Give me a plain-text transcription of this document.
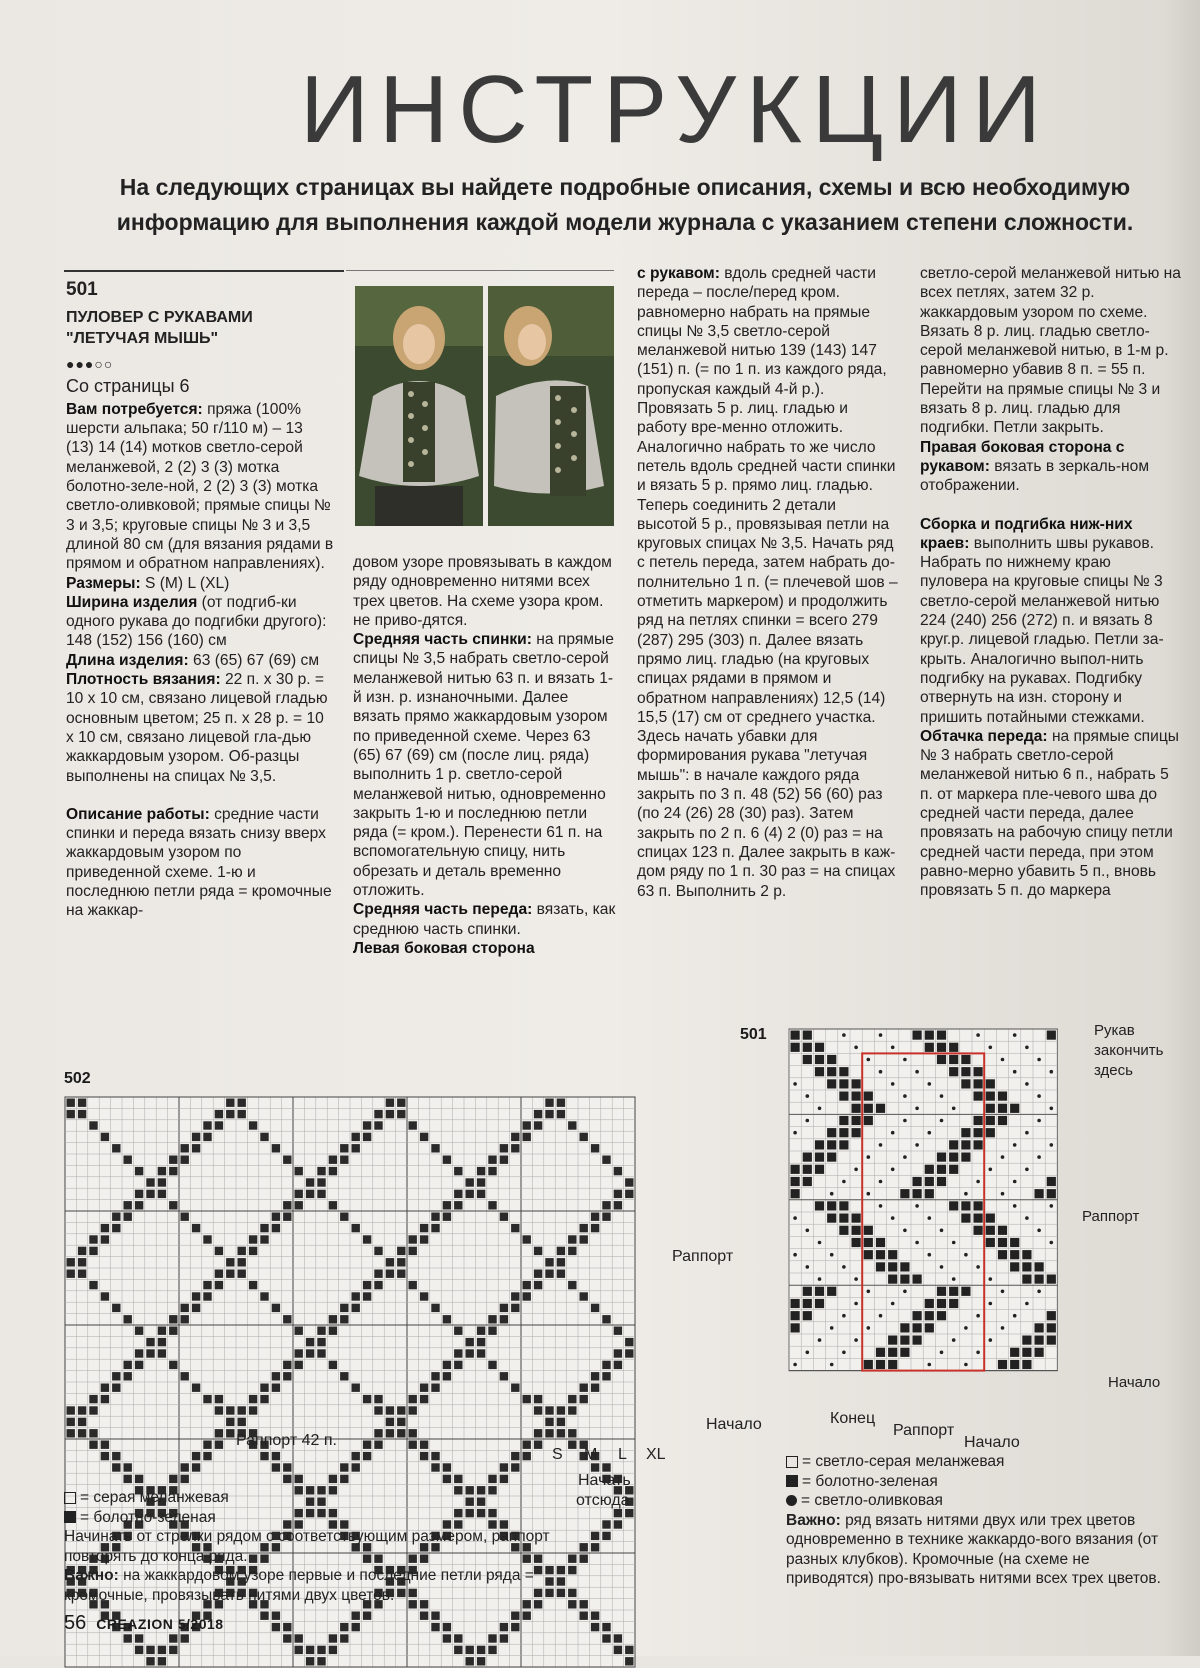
ИНСТРУКЦИИ
На следующих страницах вы найдете подробные описания, схемы и всю необходимую информацию для выполнения каждой модели журнала с указанием степени сложности.
501
ПУЛОВЕР С РУКАВАМИ
"ЛЕТУЧАЯ МЫШЬ"
●●●○○
Со страницы 6

Вам потребуется: пряжа (100% шерсти альпака; 50 г/110 м) – 13 (13) 14 (14) мотков светло-серой меланжевой, 2 (2) 3 (3) мотка болотно-зеле-ной, 2 (2) 3 (3) мотка светло-оливковой; прямые спицы № 3 и 3,5; круговые спицы № 3 и 3,5 длиной 80 см (для вязания рядами в прямом и обратном направлениях).

Размеры: S (M) L (XL)

Ширина изделия (от подгиб-ки одного рукава до подгибки другого): 148 (152) 156 (160) см

Длина изделия: 63 (65) 67 (69) см

Плотность вязания: 22 п. х 30 р. = 10 х 10 см, связано лицевой гладью основным цветом; 25 п. х 28 р. = 10 х 10 см, связано лицевой гла-дью жаккардовым узором. Об-разцы выполнены на спицах № 3,5.

Описание работы: средние части спинки и переда вязать снизу вверх жаккардовым узором по приведенной схеме. 1-ю и последнюю петли ряда = кромочные на жаккар-

довом узоре провязывать в каждом ряду одновременно нитями всех трех цветов. На схеме узора кром. не приво-дятся.

Средняя часть спинки: на прямые спицы № 3,5 набрать светло-серой меланжевой нитью 63 п. и вязать 1-й изн. р. изнаночными. Далее вязать прямо жаккардовым узором по приведенной схеме. Через 63 (65) 67 (69) см (после лиц. ряда) выполнить 1 р. светло-серой меланжевой нитью, одновременно закрыть 1-ю и последнюю петли ряда (= кром.). Перенести 61 п. на вспомогательную спицу, нить обрезать и деталь временно отложить.

Средняя часть переда: вязать, как среднюю часть спинки.

Левая боковая сторона

с рукавом: вдоль средней части переда – после/перед кром. равномерно набрать на прямые спицы № 3,5 светло-серой меланжевой нитью 139 (143) 147 (151) п. (= по 1 п. из каждого ряда, пропуская каждый 4-й р.). Провязать 5 р. лиц. гладью и работу вре-менно отложить. Аналогично набрать то же число петель вдоль средней части спинки и вязать 5 р. прямо лиц. гладью. Теперь соединить 2 детали высотой 5 р., провязывая петли на круговых спицах № 3,5. Начать ряд с петель переда, затем набрать до-полнительно 1 п. (= плечевой шов – отметить маркером) и продолжить ряд на петлях спинки = всего 279 (287) 295 (303) п. Далее вязать прямо лиц. гладью (на круговых спицах рядами в прямом и обратном направлениях) 12,5 (14) 15,5 (17) см от среднего участка. Здесь начать убавки для формирования рукава "летучая мышь": в начале каждого ряда закрыть по 3 п. 48 (52) 56 (60) раз (по 24 (26) 28 (30) раз). Затем закрыть по 2 п. 6 (4) 2 (0) раз = на спицах 123 п. Далее закрыть в каж-дом ряду по 1 п. 30 раз = на спицах 63 п. Выполнить 2 р.

светло-серой меланжевой нитью на всех петлях, затем 32 р. жаккардовым узором по схеме. Вязать 8 р. лиц. гладью светло-серой меланжевой нитью, в 1-м р. равномерно убавив 8 п. = 55 п. Перейти на прямые спицы № 3 и вязать 8 р. лиц. гладью для подгибки. Петли закрыть.

Правая боковая сторона с рукавом: вязать в зеркаль-ном отображении.

Сборка и подгибка ниж-них краев: выполнить швы рукавов. Набрать по нижнему краю пуловера на круговые спицы № 3 светло-серой меланжевой нитью 224 (240) 256 (272) п. и вязать 8 круг.р. лицевой гладью. Петли за-крыть. Аналогично выпол-нить подгибку на рукавах. Подгибку отвернуть на изн. сторону и пришить потайными стежками.

Обтачка переда: на прямые спицы № 3 набрать светло-серой меланжевой нитью 6 п., набрать 5 п. от маркера пле-чевого шва до средней части переда, далее провязать на рабочую спицу петли средней части переда, при этом равно-мерно убавить 5 п., вновь провязать 5 п. до маркера

502
Раппорт
Начало
Раппорт 42 п.
S M L XL
Начать
отсюда

= серая меланжевая

= болотно-зеленая

Начинать от стрелки рядом с соответствующим размером, раппорт повторять до конца ряда.

Важно: на жаккардовом узоре первые и последние петли ряда = кромочные, провязывать нитями двух цветов.

501	Рукав
закончить
здесь
Раппорт
Начало
Конец
Раппорт
Начало

= светло-серая меланжевая

= болотно-зеленая

= светло-оливковая

Важно: ряд вязать нитями двух или трех цветов одновременно в технике жаккардо-вого вязания (от разных клубков). Кромочные (на схеме не приводятся) про-вязывать нитями всех трех цветов.

56 CREAZION 5/2018
